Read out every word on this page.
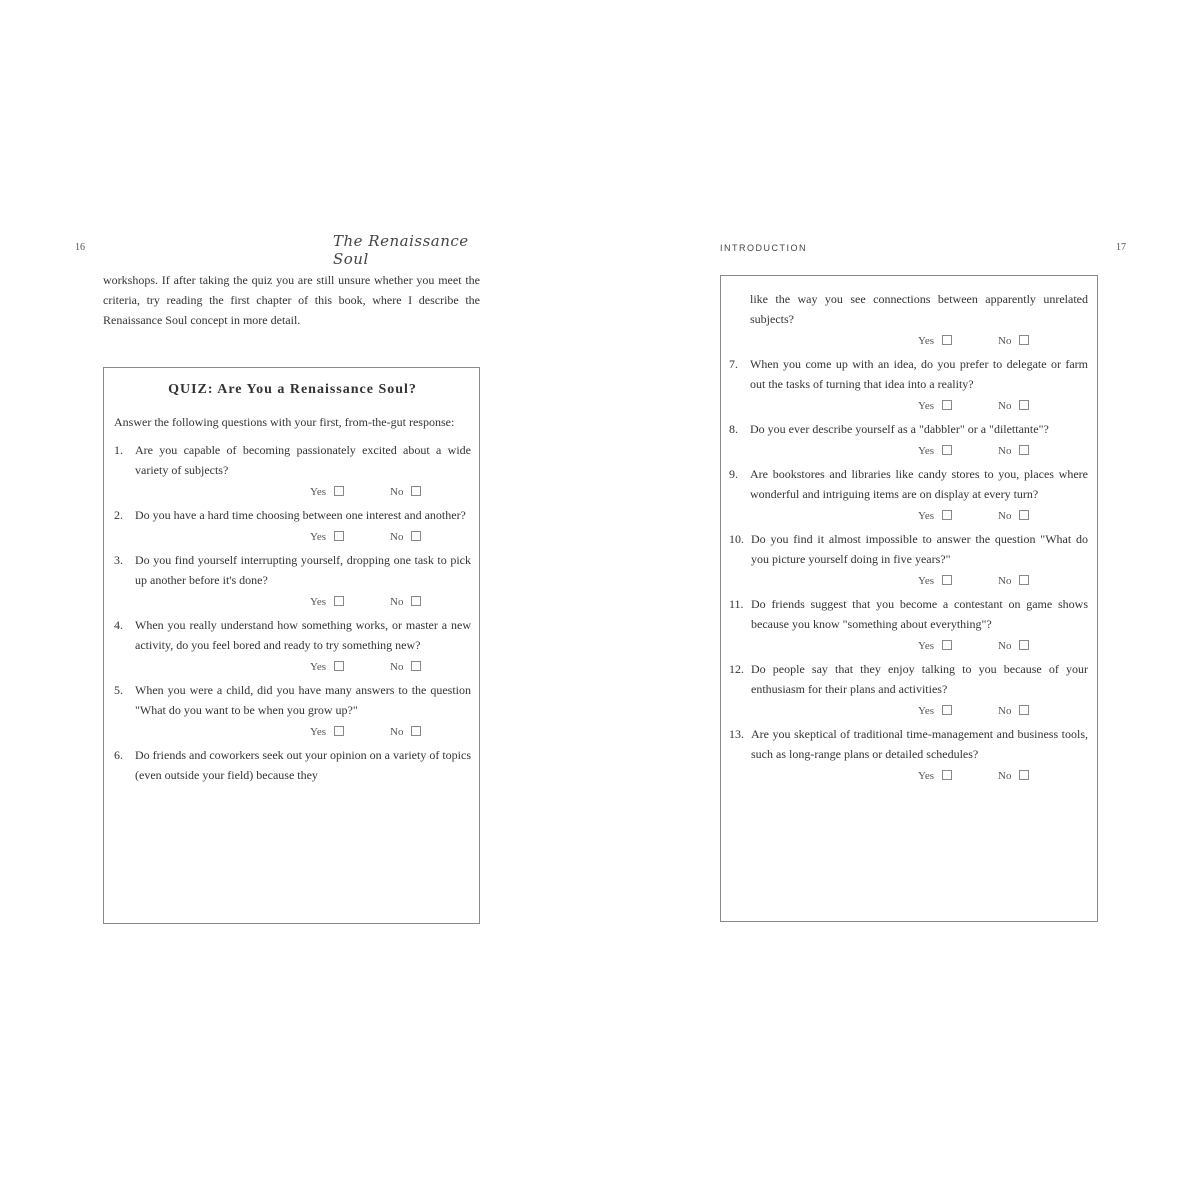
16	The Renaissance Soul
workshops. If after taking the quiz you are still unsure whether you meet the criteria, try reading the first chapter of this book, where I describe the Renaissance Soul concept in more detail.
QUIZ: Are You a Renaissance Soul?
Answer the following questions with your first, from-the-gut response:
1. Are you capable of becoming passionately excited about a wide variety of subjects?
Yes	No
2. Do you have a hard time choosing between one interest and another?
Yes	No
3. Do you find yourself interrupting yourself, dropping one task to pick up another before it's done?
Yes	No
4. When you really understand how something works, or master a new activity, do you feel bored and ready to try something new?
Yes	No
5. When you were a child, did you have many answers to the question "What do you want to be when you grow up?"
Yes	No
6. Do friends and coworkers seek out your opinion on a variety of topics (even outside your field) because they
INTRODUCTION	17
like the way you see connections between apparently unrelated subjects?
Yes	No
7. When you come up with an idea, do you prefer to delegate or farm out the tasks of turning that idea into a reality?
Yes	No
8. Do you ever describe yourself as a "dabbler" or a "dilettante"?
Yes	No
9. Are bookstores and libraries like candy stores to you, places where wonderful and intriguing items are on display at every turn?
Yes	No
10. Do you find it almost impossible to answer the question "What do you picture yourself doing in five years?"
Yes	No
11. Do friends suggest that you become a contestant on game shows because you know "something about everything"?
Yes	No
12. Do people say that they enjoy talking to you because of your enthusiasm for their plans and activities?
Yes	No
13. Are you skeptical of traditional time-management and business tools, such as long-range plans or detailed schedules?
Yes	No
